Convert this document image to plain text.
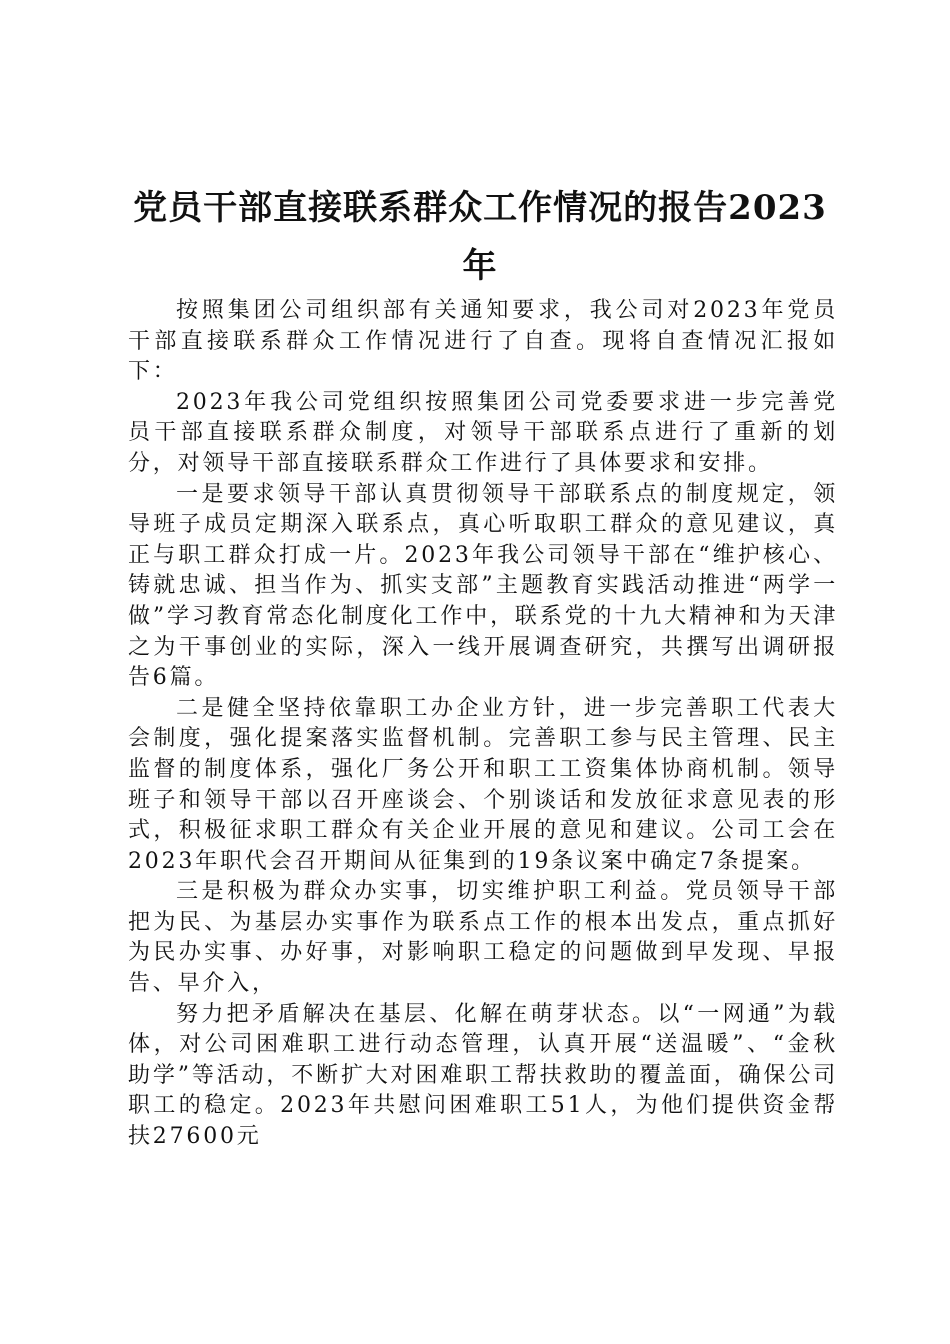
党员干部直接联系群众工作情况的报告2023年

按照集团公司组织部有关通知要求，我公司对2023年党员干部直接联系群众工作情况进行了自查。现将自查情况汇报如下：

2023年我公司党组织按照集团公司党委要求进一步完善党员干部直接联系群众制度，对领导干部联系点进行了重新的划分，对领导干部直接联系群众工作进行了具体要求和安排。

一是要求领导干部认真贯彻领导干部联系点的制度规定，领导班子成员定期深入联系点，真心听取职工群众的意见建议，真正与职工群众打成一片。2023年我公司领导干部在“维护核心、铸就忠诚、担当作为、抓实支部”主题教育实践活动推进“两学一做”学习教育常态化制度化工作中，联系党的十九大精神和为天津之为干事创业的实际，深入一线开展调查研究，共撰写出调研报告6篇。

二是健全坚持依靠职工办企业方针，进一步完善职工代表大会制度，强化提案落实监督机制。完善职工参与民主管理、民主监督的制度体系，强化厂务公开和职工工资集体协商机制。领导班子和领导干部以召开座谈会、个别谈话和发放征求意见表的形式，积极征求职工群众有关企业开展的意见和建议。公司工会在2023年职代会召开期间从征集到的19条议案中确定7条提案。

三是积极为群众办实事，切实维护职工利益。党员领导干部把为民、为基层办实事作为联系点工作的根本出发点，重点抓好为民办实事、办好事，对影响职工稳定的问题做到早发现、早报告、早介入，

努力把矛盾解决在基层、化解在萌芽状态。以“一网通”为载体，对公司困难职工进行动态管理，认真开展“送温暖”、“金秋助学”等活动，不断扩大对困难职工帮扶救助的覆盖面，确保公司职工的稳定。2023年共慰问困难职工51人，为他们提供资金帮扶27600元
